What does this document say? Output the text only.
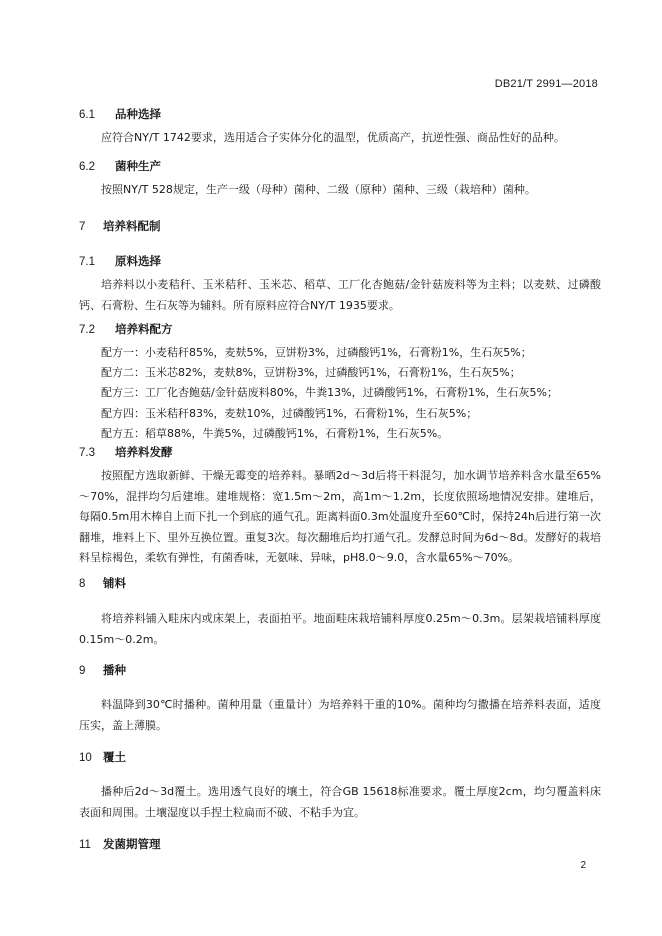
DB21/T 2991—2018
6.1 品种选择

应符合NY/T 1742要求，选用适合子实体分化的温型，优质高产，抗逆性强、商品性好的品种。

6.2 菌种生产

按照NY/T 528规定，生产一级（母种）菌种、二级（原种）菌种、三级（栽培种）菌种。

7 培养料配制
7.1 原料选择

培养料以小麦秸秆、玉米秸秆、玉米芯、稻草、工厂化杏鲍菇/金针菇废料等为主料；以麦麸、过磷酸钙、石膏粉、生石灰等为辅料。所有原料应符合NY/T 1935要求。

7.2 培养料配方
配方一：小麦秸秆85%，麦麸5%，豆饼粉3%，过磷酸钙1%，石膏粉1%，生石灰5%；
配方二：玉米芯82%，麦麸8%，豆饼粉3%，过磷酸钙1%，石膏粉1%，生石灰5%；
配方三：工厂化杏鲍菇/金针菇废料80%，牛粪13%，过磷酸钙1%，石膏粉1%，生石灰5%；
配方四：玉米秸秆83%，麦麸10%，过磷酸钙1%，石膏粉1%，生石灰5%；
配方五：稻草88%，牛粪5%，过磷酸钙1%，石膏粉1%，生石灰5%。
7.3 培养料发酵

按照配方选取新鲜、干燥无霉变的培养料。暴晒2d～3d后将干料混匀，加水调节培养料含水量至65%～70%，混拌均匀后建堆。建堆规格：宽1.5m～2m，高1m～1.2m，长度依照场地情况安排。建堆后，每隔0.5m用木棒自上而下扎一个到底的通气孔。距离料面0.3m处温度升至60℃时，保持24h后进行第一次翻堆，堆料上下、里外互换位置。重复3次。每次翻堆后均打通气孔。发酵总时间为6d～8d。发酵好的栽培料呈棕褐色，柔软有弹性，有菌香味，无氨味、异味，pH8.0～9.0，含水量65%～70%。

8 铺料

将培养料铺入畦床内或床架上，表面拍平。地面畦床栽培铺料厚度0.25m～0.3m。层架栽培铺料厚度0.15m～0.2m。

9 播种

料温降到30℃时播种。菌种用量（重量计）为培养料干重的10%。菌种均匀撒播在培养料表面，适度压实，盖上薄膜。

10 覆土

播种后2d～3d覆土。选用透气良好的壤土，符合GB 15618标准要求。覆土厚度2cm，均匀覆盖料床表面和周围。土壤湿度以手捏土粒扁而不破、不粘手为宜。

11 发菌期管理
2
